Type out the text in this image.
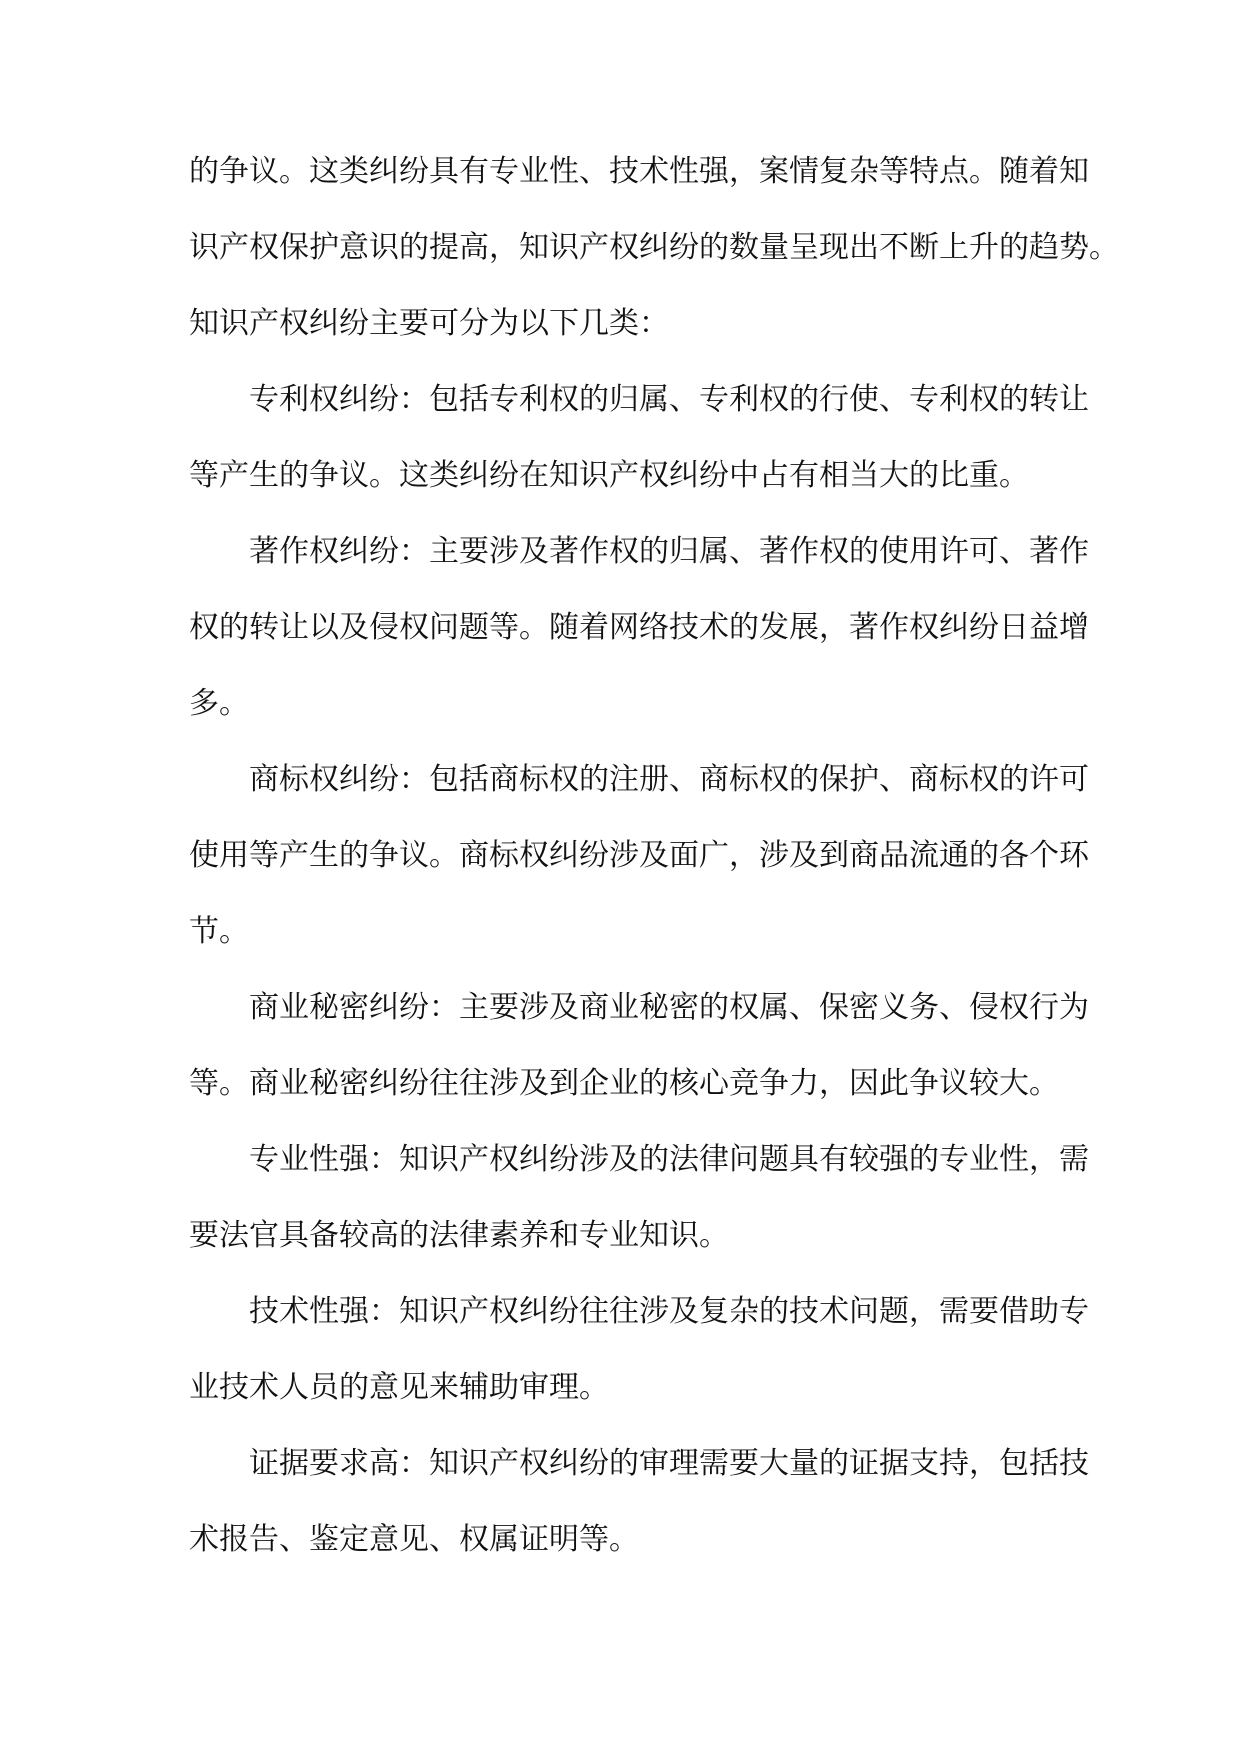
的争议。这类纠纷具有专业性、技术性强，案情复杂等特点。随着知

识产权保护意识的提高，知识产权纠纷的数量呈现出不断上升的趋势。

知识产权纠纷主要可分为以下几类：

专利权纠纷：包括专利权的归属、专利权的行使、专利权的转让

等产生的争议。这类纠纷在知识产权纠纷中占有相当大的比重。

著作权纠纷：主要涉及著作权的归属、著作权的使用许可、著作

权的转让以及侵权问题等。随着网络技术的发展，著作权纠纷日益增

多。

商标权纠纷：包括商标权的注册、商标权的保护、商标权的许可

使用等产生的争议。商标权纠纷涉及面广，涉及到商品流通的各个环

节。

商业秘密纠纷：主要涉及商业秘密的权属、保密义务、侵权行为

等。商业秘密纠纷往往涉及到企业的核心竞争力，因此争议较大。

专业性强：知识产权纠纷涉及的法律问题具有较强的专业性，需

要法官具备较高的法律素养和专业知识。

技术性强：知识产权纠纷往往涉及复杂的技术问题，需要借助专

业技术人员的意见来辅助审理。

证据要求高：知识产权纠纷的审理需要大量的证据支持，包括技

术报告、鉴定意见、权属证明等。
